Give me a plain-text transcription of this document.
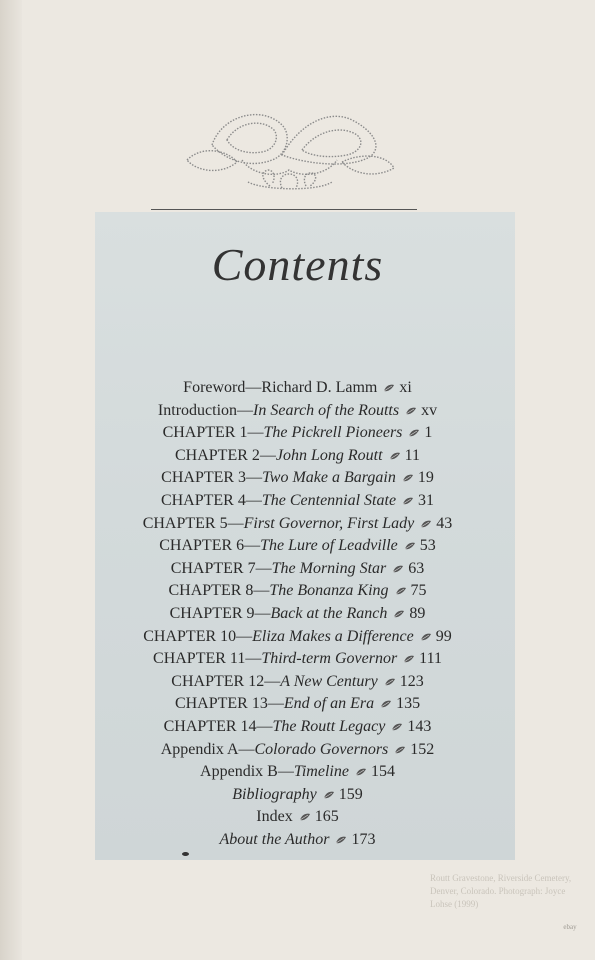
Contents
Foreword—Richard D. Lamm xi
Introduction—In Search of the Routts xv
CHAPTER 1—The Pickrell Pioneers 1
CHAPTER 2—John Long Routt 11
CHAPTER 3—Two Make a Bargain 19
CHAPTER 4—The Centennial State 31
CHAPTER 5—First Governor, First Lady 43
CHAPTER 6—The Lure of Leadville 53
CHAPTER 7—The Morning Star 63
CHAPTER 8—The Bonanza King 75
CHAPTER 9—Back at the Ranch 89
CHAPTER 10—Eliza Makes a Difference 99
CHAPTER 11—Third-term Governor 111
CHAPTER 12—A New Century 123
CHAPTER 13—End of an Era 135
CHAPTER 14—The Routt Legacy 143
Appendix A—Colorado Governors 152
Appendix B—Timeline 154
Bibliography 159
Index 165
About the Author 173
Routt Gravestone, Riverside Cemetery, Denver, Colorado. Photograph: Joyce Lohse (1999)
ebay
